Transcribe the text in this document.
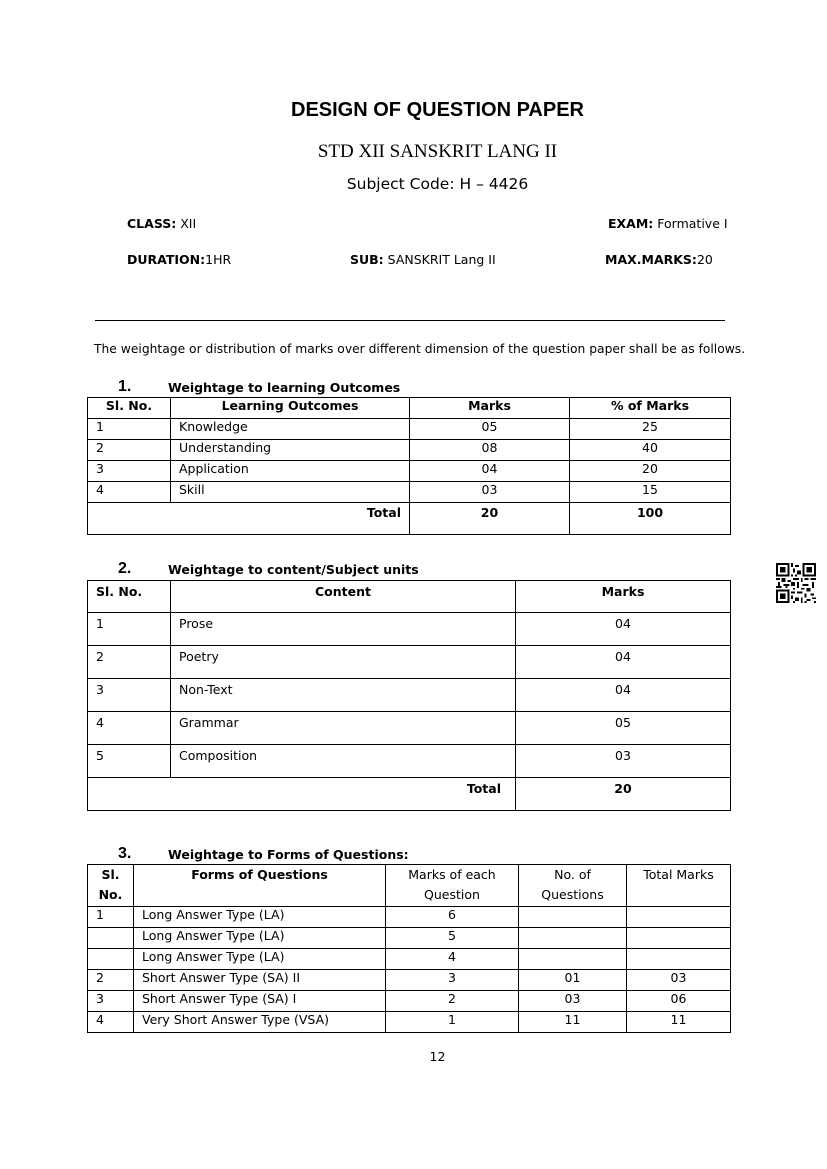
DESIGN OF QUESTION PAPER
STD XII SANSKRIT LANG II
Subject Code: H – 4426
CLASS: XII	EXAM: Formative I
DURATION:1HR	SUB: SANSKRIT Lang II	MAX.MARKS:20
The weightage or distribution of marks over different dimension of the question paper shall be as follows.
1.	Weightage to learning Outcomes
Sl. No.	Learning Outcomes	Marks	% of Marks
1	Knowledge	05	25
2	Understanding	08	40
3	Application	04	20
4	Skill	03	15
Total		20	100
2.	Weightage to content/Subject units
Sl. No.	Content	Marks
1	Prose	04
2	Poetry	04
3	Non-Text	04
4	Grammar	05
5	Composition	03
Total		20
3.	Weightage to Forms of Questions:
Sl. No.	Forms of Questions	Marks of each Question	No. of Questions	Total Marks
1	Long Answer Type (LA)	6		
	Long Answer Type (LA)	5		
	Long Answer Type (LA)	4		
2	Short Answer Type (SA) II	3	01	03
3	Short Answer Type (SA) I	2	03	06
4	Very Short Answer Type (VSA)	1	11	11
12
